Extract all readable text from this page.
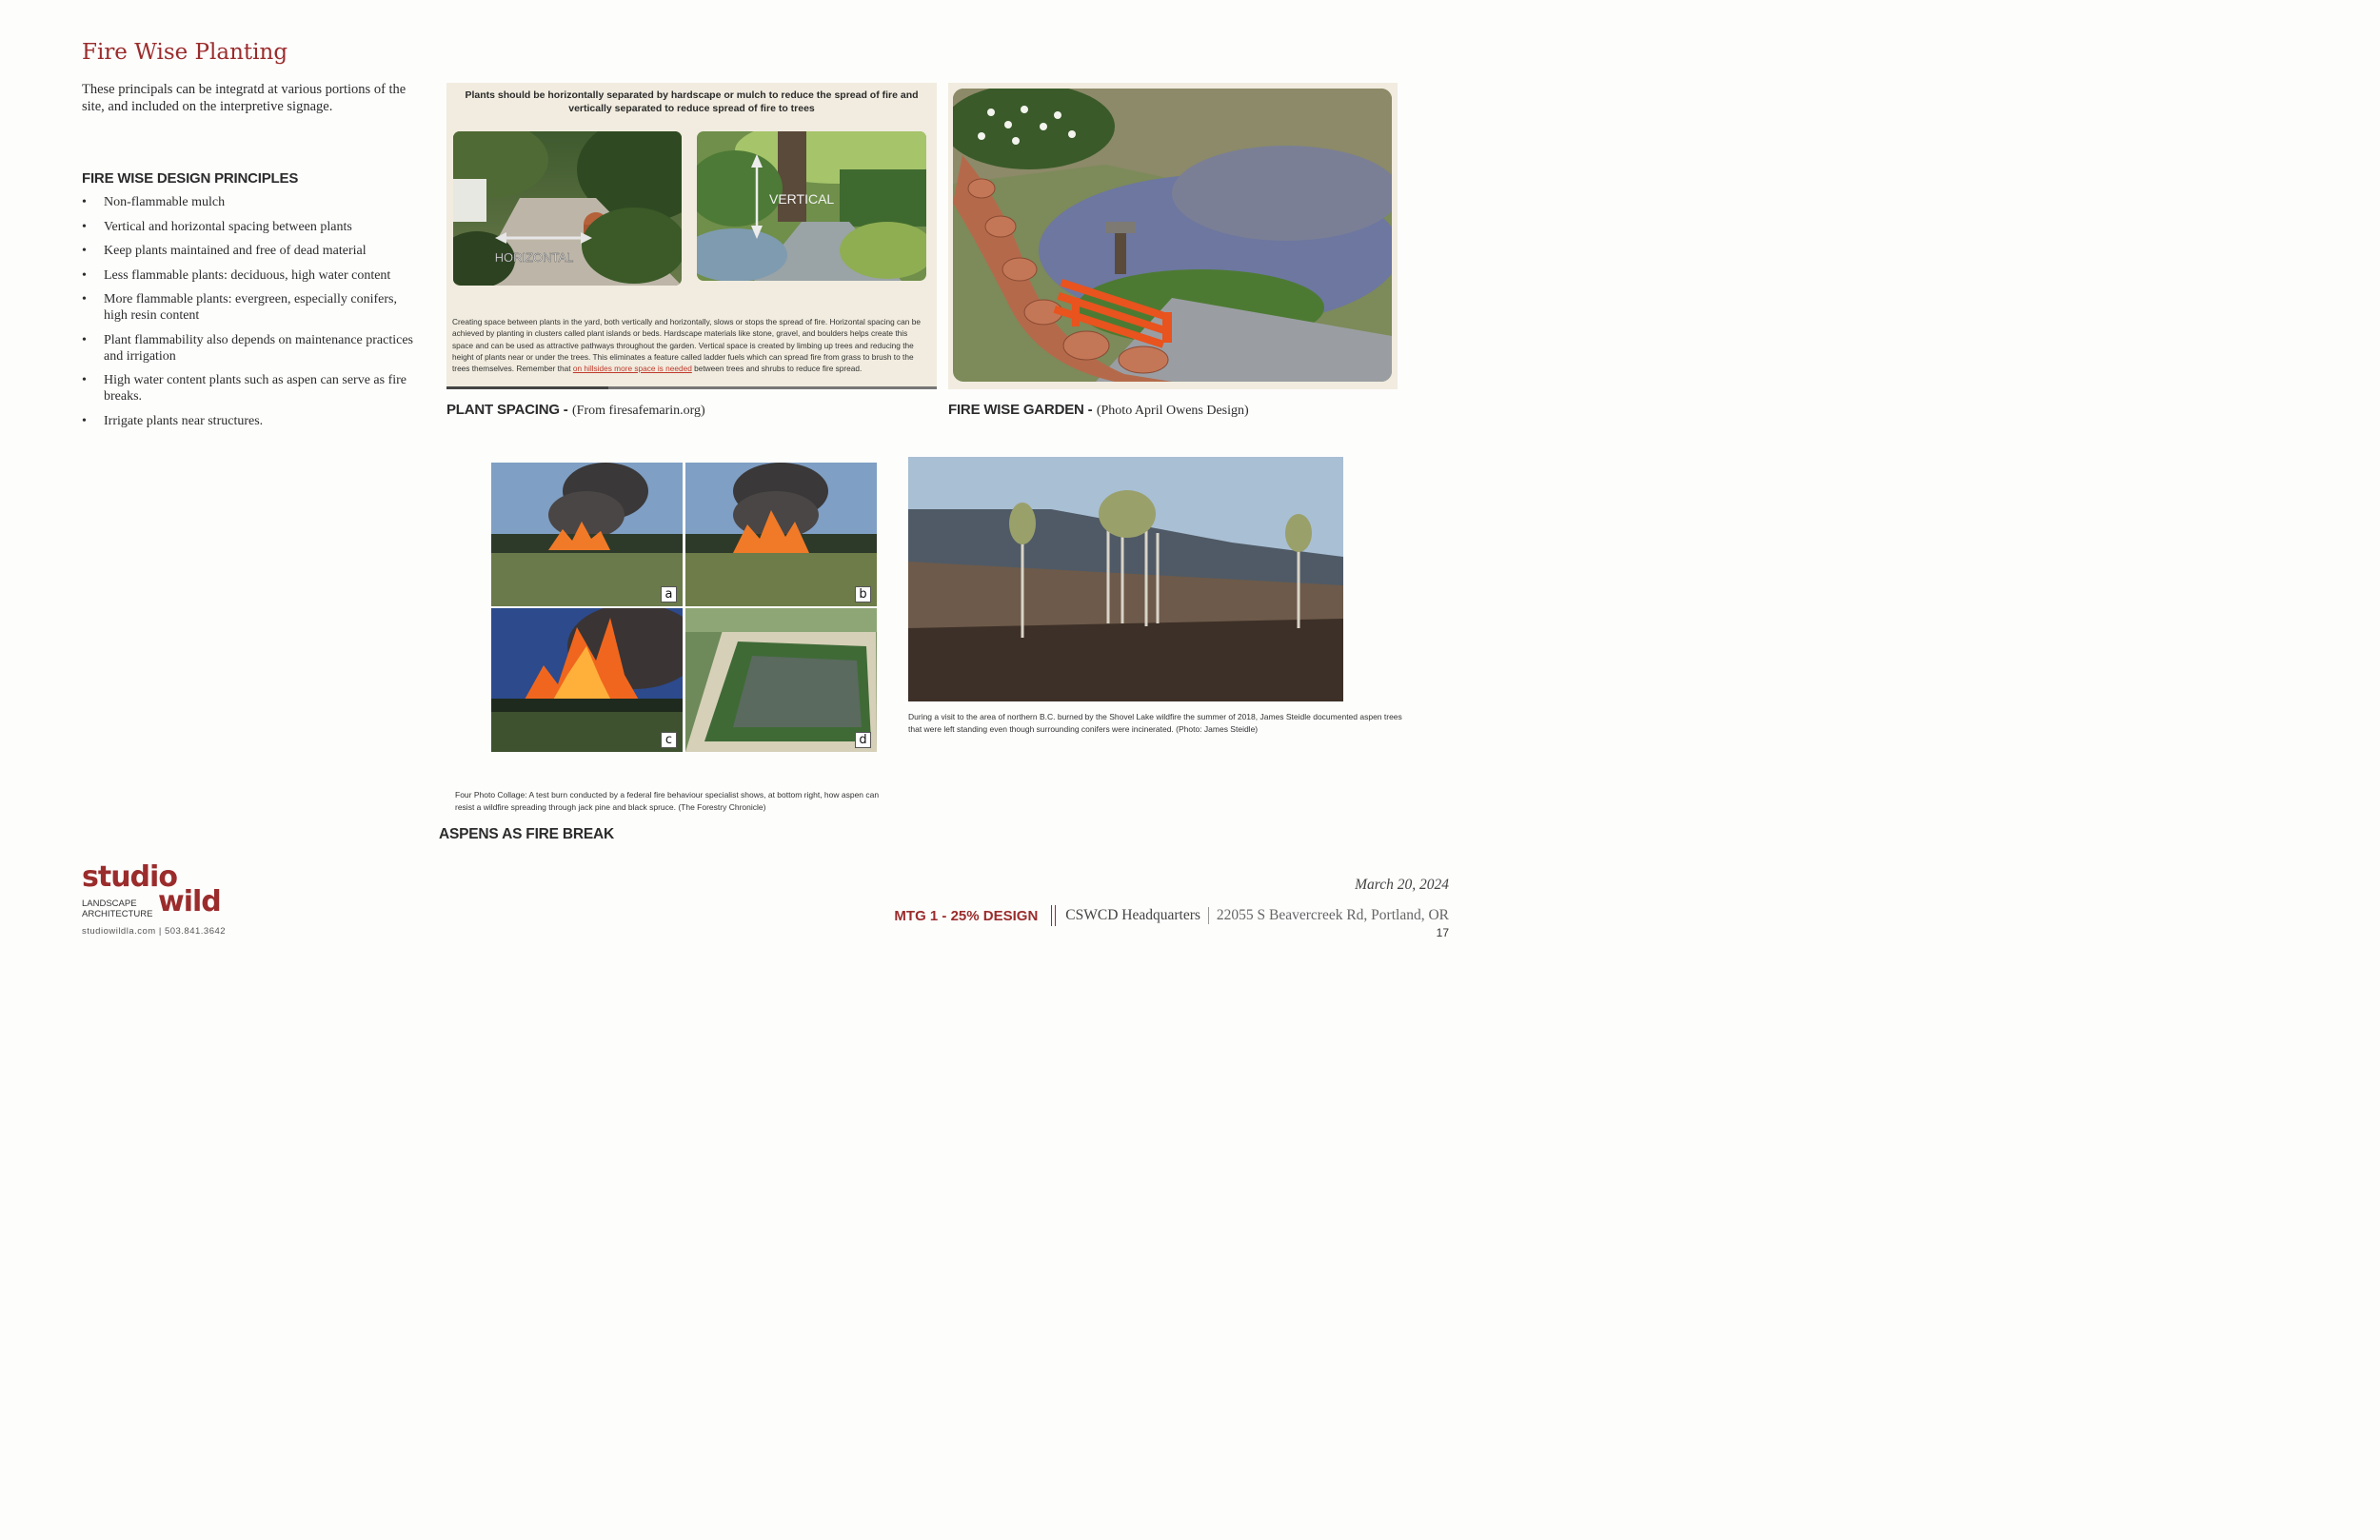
Fire Wise Planting
These principals can be integratd at various portions of the site, and included on the interpretive signage.
FIRE WISE DESIGN PRINCIPLES
• Non-flammable mulch
• Vertical and horizontal spacing between plants
• Keep plants maintained and free of dead material
• Less flammable plants: deciduous, high water content
• More flammable plants: evergreen, especially conifers, high resin content
• Plant flammability also depends on maintenance practices and irrigation
• High water content plants such as aspen can serve as fire breaks.
• Irrigate plants near structures.
Plants should be horizontally separated by hardscape or mulch to reduce the spread of fire and vertically separated to reduce spread of fire to trees
HORIZONTAL
VERTICAL
Creating space between plants in the yard, both vertically and horizontally, slows or stops the spread of fire. Horizontal spacing can be achieved by planting in clusters called plant islands or beds. Hardscape materials like stone, gravel, and boulders helps create this space and can be used as attractive pathways throughout the garden. Vertical space is created by limbing up trees and reducing the height of plants near or under the trees. This eliminates a feature called ladder fuels which can spread fire from grass to brush to the trees themselves. Remember that on hillsides more space is needed between trees and shrubs to reduce fire spread.
PLANT SPACING - (From firesafemarin.org)	FIRE WISE GARDEN - (Photo April Owens Design)
a	b
c	d
Four Photo Collage: A test burn conducted by a federal fire behaviour specialist shows, at bottom right, how aspen can resist a wildfire spreading through jack pine and black spruce. (The Forestry Chronicle)
ASPENS AS FIRE BREAK
During a visit to the area of northern B.C. burned by the Shovel Lake wildfire the summer of 2018, James Steidle documented aspen trees that were left standing even though surrounding conifers were incinerated. (Photo: James Steidle)
studio
LANDSCAPE
ARCHITECTURE wild
studiowildla.com | 503.841.3642
March 20, 2024
MTG 1 - 25% DESIGN CSWCD Headquarters 22055 S Beavercreek Rd, Portland, OR
17
